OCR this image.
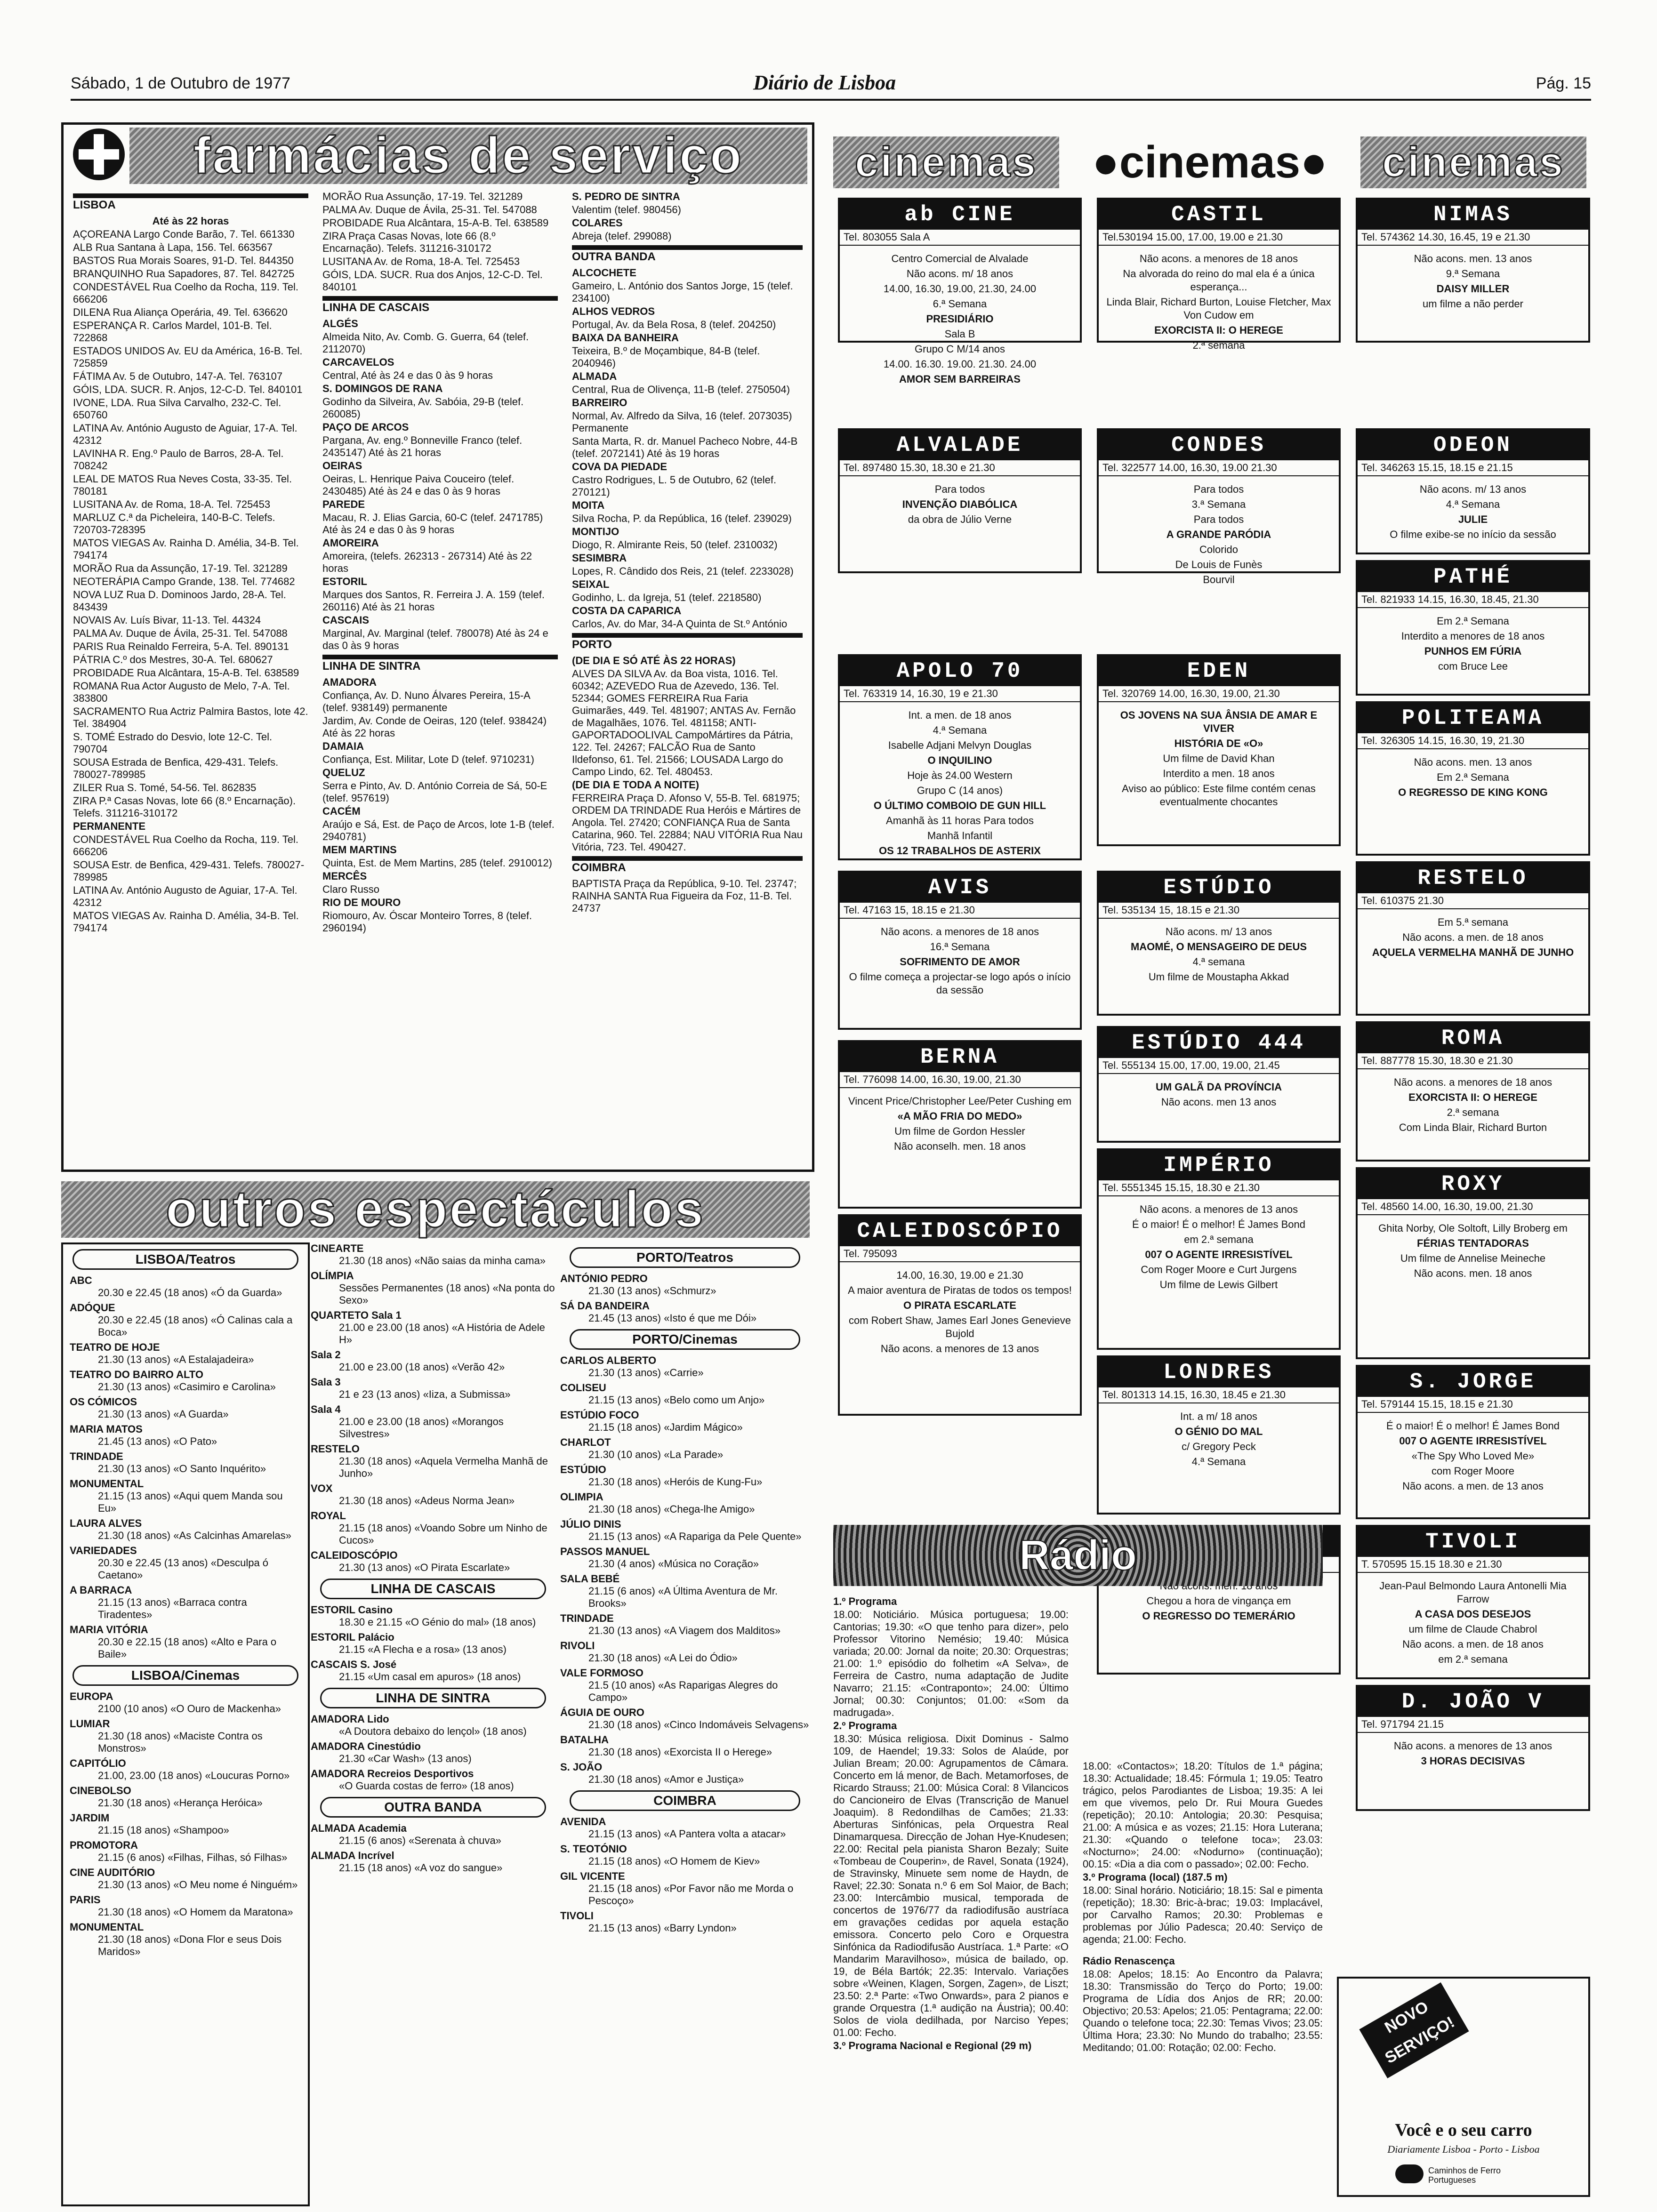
Sábado, 1 de Outubro de 1977	Diário de Lisboa	Pág. 15
farmácias de serviço
LISBOA

Até às 22 horas

AÇOREANA Largo Conde Barão, 7. Tel. 661330

ALB Rua Santana à Lapa, 156. Tel. 663567

BASTOS Rua Morais Soares, 91-D. Tel. 844350

BRANQUINHO Rua Sapadores, 87. Tel. 842725

CONDESTÁVEL Rua Coelho da Rocha, 119. Tel. 666206

DILENA Rua Aliança Operária, 49. Tel. 636620

ESPERANÇA R. Carlos Mardel, 101-B. Tel. 722868

ESTADOS UNIDOS Av. EU da América, 16-B. Tel. 725859

FÁTIMA Av. 5 de Outubro, 147-A. Tel. 763107

GÓIS, LDA. SUCR. R. Anjos, 12-C-D. Tel. 840101

IVONE, LDA. Rua Silva Carvalho, 232-C. Tel. 650760

LATINA Av. António Augusto de Aguiar, 17-A. Tel. 42312

LAVINHA R. Eng.º Paulo de Barros, 28-A. Tel. 708242

LEAL DE MATOS Rua Neves Costa, 33-35. Tel. 780181

LUSITANA Av. de Roma, 18-A. Tel. 725453

MARLUZ C.ª da Picheleira, 140-B-C. Telefs. 720703-728395

MATOS VIEGAS Av. Rainha D. Amélia, 34-B. Tel. 794174

MORÃO Rua da Assunção, 17-19. Tel. 321289

NEOTERÁPIA Campo Grande, 138. Tel. 774682

NOVA LUZ Rua D. Dominoos Jardo, 28-A. Tel. 843439

NOVAIS Av. Luís Bivar, 11-13. Tel. 44324

PALMA Av. Duque de Ávila, 25-31. Tel. 547088

PARIS Rua Reinaldo Ferreira, 5-A. Tel. 890131

PÁTRIA C.º dos Mestres, 30-A. Tel. 680627

PROBIDADE Rua Alcântara, 15-A-B. Tel. 638589

ROMANA Rua Actor Augusto de Melo, 7-A. Tel. 383800

SACRAMENTO Rua Actriz Palmira Bastos, lote 42. Tel. 384904

S. TOMÉ Estrado do Desvio, lote 12-C. Tel. 790704

SOUSA Estrada de Benfica, 429-431. Telefs. 780027-789985

ZILER Rua S. Tomé, 54-56. Tel. 862835

ZIRA P.ª Casas Novas, lote 66 (8.º Encarnação). Telefs. 311216-310172

PERMANENTE

CONDESTÁVEL Rua Coelho da Rocha, 119. Tel. 666206

SOUSA Estr. de Benfica, 429-431. Telefs. 780027-789985

LATINA Av. António Augusto de Aguiar, 17-A. Tel. 42312

MATOS VIEGAS Av. Rainha D. Amélia, 34-B. Tel. 794174

MORÃO Rua Assunção, 17-19. Tel. 321289

PALMA Av. Duque de Ávila, 25-31. Tel. 547088

PROBIDADE Rua Alcântara, 15-A-B. Tel. 638589

ZIRA Praça Casas Novas, lote 66 (8.º Encarnação). Telefs. 311216-310172

LUSITANA Av. de Roma, 18-A. Tel. 725453

GÓIS, LDA. SUCR. Rua dos Anjos, 12-C-D. Tel. 840101

LINHA DE CASCAIS

ALGÉS

Almeida Nito, Av. Comb. G. Guerra, 64 (telef. 2112070)

CARCAVELOS

Central, Até às 24 e das 0 às 9 horas

S. DOMINGOS DE RANA

Godinho da Silveira, Av. Sabóia, 29-B (telef. 260085)

PAÇO DE ARCOS

Pargana, Av. eng.º Bonneville Franco (telef. 2435147) Até às 21 horas

OEIRAS

Oeiras, L. Henrique Paiva Couceiro (telef. 2430485) Até às 24 e das 0 às 9 horas

PAREDE

Macau, R. J. Elias Garcia, 60-C (telef. 2471785) Até às 24 e das 0 às 9 horas

AMOREIRA

Amoreira, (telefs. 262313 - 267314) Até às 22 horas

ESTORIL

Marques dos Santos, R. Ferreira J. A. 159 (telef. 260116) Até às 21 horas

CASCAIS

Marginal, Av. Marginal (telef. 780078) Até às 24 e das 0 às 9 horas

LINHA DE SINTRA

AMADORA

Confiança, Av. D. Nuno Álvares Pereira, 15-A (telef. 938149) permanente

Jardim, Av. Conde de Oeiras, 120 (telef. 938424) Até às 22 horas

DAMAIA

Confiança, Est. Militar, Lote D (telef. 9710231)

QUELUZ

Serra e Pinto, Av. D. António Correia de Sá, 50-E (telef. 957619)

CACÉM

Araújo e Sá, Est. de Paço de Arcos, lote 1-B (telef. 2940781)

MEM MARTINS

Quinta, Est. de Mem Martins, 285 (telef. 2910012)

MERCÊS

Claro Russo

RIO DE MOURO

Riomouro, Av. Óscar Monteiro Torres, 8 (telef. 2960194)

S. PEDRO DE SINTRA

Valentim (telef. 980456)

COLARES

Abreja (telef. 299088)

OUTRA BANDA

ALCOCHETE

Gameiro, L. António dos Santos Jorge, 15 (telef. 234100)

ALHOS VEDROS

Portugal, Av. da Bela Rosa, 8 (telef. 204250)

BAIXA DA BANHEIRA

Teixeira, B.º de Moçambique, 84-B (telef. 2040946)

ALMADA

Central, Rua de Olivença, 11-B (telef. 2750504)

BARREIRO

Normal, Av. Alfredo da Silva, 16 (telef. 2073035) Permanente

Santa Marta, R. dr. Manuel Pacheco Nobre, 44-B (telef. 2072141) Até às 19 horas

COVA DA PIEDADE

Castro Rodrigues, L. 5 de Outubro, 62 (telef. 270121)

MOITA

Silva Rocha, P. da República, 16 (telef. 239029)

MONTIJO

Diogo, R. Almirante Reis, 50 (telef. 2310032)

SESIMBRA

Lopes, R. Cândido dos Reis, 21 (telef. 2233028)

SEIXAL

Godinho, L. da Igreja, 51 (telef. 2218580)

COSTA DA CAPARICA

Carlos, Av. do Mar, 34-A Quinta de St.º António

PORTO

(DE DIA E SÓ ATÉ ÀS 22 HORAS)

ALVES DA SILVA Av. da Boa vista, 1016. Tel. 60342; AZEVEDO Rua de Azevedo, 136. Tel. 52344; GOMES FERREIRA Rua Faria Guimarães, 449. Tel. 481907; ANTAS Av. Fernão de Magalhães, 1076. Tel. 481158; ANTI-GAPORTADOOLIVAL CampoMártires da Pátria, 122. Tel. 24267; FALCÃO Rua de Santo Ildefonso, 61. Tel. 21566; LOUSADA Largo do Campo Lindo, 62. Tel. 480453.

(DE DIA E TODA A NOITE)

FERREIRA Praça D. Afonso V, 55-B. Tel. 681975; ORDEM DA TRINDADE Rua Heróis e Mártires de Angola. Tel. 27420; CONFIANÇA Rua de Santa Catarina, 960. Tel. 22884; NAU VITÓRIA Rua Nau Vitória, 723. Tel. 490427.

COIMBRA

BAPTISTA Praça da República, 9-10. Tel. 23747; RAINHA SANTA Rua Figueira da Foz, 11-B. Tel. 24737

outros espectáculos
LISBOA/Teatros
ABC
20.30 e 22.45 (18 anos) «Ó da Guarda»
ADÓQUE
20.30 e 22.45 (18 anos) «Ó Calinas cala a Boca»
TEATRO DE HOJE
21.30 (13 anos) «A Estalajadeira»
TEATRO DO BAIRRO ALTO
21.30 (13 anos) «Casimiro e Carolina»
OS CÓMICOS
21.30 (13 anos) «A Guarda»
MARIA MATOS
21.45 (13 anos) «O Pato»
TRINDADE
21.30 (13 anos) «O Santo Inquérito»
MONUMENTAL
21.15 (13 anos) «Aqui quem Manda sou Eu»
LAURA ALVES
21.30 (18 anos) «As Calcinhas Amarelas»
VARIEDADES
20.30 e 22.45 (13 anos) «Desculpa ó Caetano»
A BARRACA
21.15 (13 anos) «Barraca contra Tiradentes»
MARIA VITÓRIA
20.30 e 22.15 (18 anos) «Alto e Para o Baile»
LISBOA/Cinemas
EUROPA
2100 (10 anos) «O Ouro de Mackenha»
LUMIAR
21.30 (18 anos) «Maciste Contra os Monstros»
CAPITÓLIO
21.00, 23.00 (18 anos) «Loucuras Porno»
CINEBOLSO
21.30 (18 anos) «Herança Heróica»
JARDIM
21.15 (18 anos) «Shampoo»
PROMOTORA
21.15 (6 anos) «Filhas, Filhas, só Filhas»
CINE AUDITÓRIO
21.30 (13 anos) «O Meu nome é Ninguém»
PARIS
21.30 (18 anos) «O Homem da Maratona»
MONUMENTAL
21.30 (18 anos) «Dona Flor e seus Dois Maridos»
CINEARTE
21.30 (18 anos) «Não saias da minha cama»
OLÍMPIA
Sessões Permanentes (18 anos) «Na ponta do Sexo»
QUARTETO Sala 1
21.00 e 23.00 (18 anos) «A História de Adele H»
Sala 2
21.00 e 23.00 (18 anos) «Verão 42»
Sala 3
21 e 23 (13 anos) «Iiza, a Submissa»
Sala 4
21.00 e 23.00 (18 anos) «Morangos Silvestres»
RESTELO
21.30 (18 anos) «Aquela Vermelha Manhã de Junho»
VOX
21.30 (18 anos) «Adeus Norma Jean»
ROYAL
21.15 (18 anos) «Voando Sobre um Ninho de Cucos»
CALEIDOSCÓPIO
21.30 (13 anos) «O Pirata Escarlate»
LINHA DE CASCAIS
ESTORIL Casino
18.30 e 21.15 «O Génio do mal» (18 anos)
ESTORIL Palácio
21.15 «A Flecha e a rosa» (13 anos)
CASCAIS S. José
21.15 «Um casal em apuros» (18 anos)
LINHA DE SINTRA
AMADORA Lido
«A Doutora debaixo do lençol» (18 anos)
AMADORA Cinestúdio
21.30 «Car Wash» (13 anos)
AMADORA Recreios Desportivos
«O Guarda costas de ferro» (18 anos)
OUTRA BANDA
ALMADA Academia
21.15 (6 anos) «Serenata à chuva»
ALMADA Incrível
21.15 (18 anos) «A voz do sangue»
PORTO/Teatros
ANTÓNIO PEDRO
21.30 (13 anos) «Schmurz»
SÁ DA BANDEIRA
21.45 (13 anos) «Isto é que me Dói»
PORTO/Cinemas
CARLOS ALBERTO
21.30 (13 anos) «Carrie»
COLISEU
21.15 (13 anos) «Belo como um Anjo»
ESTÚDIO FOCO
21.15 (18 anos) «Jardim Mágico»
CHARLOT
21.30 (10 anos) «La Parade»
ESTÚDIO
21.30 (18 anos) «Heróis de Kung-Fu»
OLIMPIA
21.30 (18 anos) «Chega-lhe Amigo»
JÚLIO DINIS
21.15 (13 anos) «A Rapariga da Pele Quente»
PASSOS MANUEL
21.30 (4 anos) «Música no Coração»
SALA BEBÉ
21.15 (6 anos) «A Última Aventura de Mr. Brooks»
TRINDADE
21.30 (13 anos) «A Viagem dos Malditos»
RIVOLI
21.30 (18 anos) «A Lei do Ódio»
VALE FORMOSO
21.5 (10 anos) «As Raparigas Alegres do Campo»
ÁGUIA DE OURO
21.30 (18 anos) «Cinco Indomáveis Selvagens»
BATALHA
21.30 (18 anos) «Exorcista II o Herege»
S. JOÃO
21.30 (18 anos) «Amor e Justiça»
COIMBRA
AVENIDA
21.15 (13 anos) «A Pantera volta a atacar»
S. TEOTÓNIO
21.15 (18 anos) «O Homem de Kiev»
GIL VICENTE
21.15 (18 anos) «Por Favor não me Morda o Pescoço»
TIVOLI
21.15 (13 anos) «Barry Lyndon»
cinemas	●cinemas●	cinemas
ab CINE
Tel. 803055 Sala A

Centro Comercial de Alvalade

Não acons. m/ 18 anos

14.00, 16.30, 19.00, 21.30, 24.00

6.ª Semana

PRESIDIÁRIO

Sala B

Grupo C M/14 anos

14.00. 16.30. 19.00. 21.30. 24.00

AMOR SEM BARREIRAS

CASTIL
Tel.530194 15.00, 17.00, 19.00 e 21.30

Não acons. a menores de 18 anos

Na alvorada do reino do mal ela é a única esperança...

Linda Blair, Richard Burton, Louise Fletcher, Max Von Cudow em

EXORCISTA II: O HEREGE

2.ª semana

NIMAS
Tel. 574362 14.30, 16.45, 19 e 21.30

Não acons. men. 13 anos

9.ª Semana

DAISY MILLER

um filme a não perder

ALVALADE
Tel. 897480 15.30, 18.30 e 21.30

Para todos

INVENÇÃO DIABÓLICA

da obra de Júlio Verne

CONDES
Tel. 322577 14.00, 16.30, 19.00 21.30

Para todos

3.ª Semana

Para todos

A GRANDE PARÓDIA

Colorido

De Louis de Funès

Bourvil

ODEON
Tel. 346263 15.15, 18.15 e 21.15

Não acons. m/ 13 anos

4.ª Semana

JULIE

O filme exibe-se no início da sessão

PATHÉ
Tel. 821933 14.15, 16.30, 18.45, 21.30

Em 2.ª Semana

Interdito a menores de 18 anos

PUNHOS EM FÚRIA

com Bruce Lee

APOLO 70
Tel. 763319 14, 16.30, 19 e 21.30

Int. a men. de 18 anos

4.ª Semana

Isabelle Adjani Melvyn Douglas

O INQUILINO

Hoje às 24.00 Western

Grupo C (14 anos)

O ÚLTIMO COMBOIO DE GUN HILL

Amanhã às 11 horas Para todos

Manhã Infantil

OS 12 TRABALHOS DE ASTERIX

EDEN
Tel. 320769 14.00, 16.30, 19.00, 21.30

OS JOVENS NA SUA ÂNSIA DE AMAR E VIVER

HISTÓRIA DE «O»

Um filme de David Khan

Interdito a men. 18 anos

Aviso ao público: Este filme contém cenas eventualmente chocantes

POLITEAMA
Tel. 326305 14.15, 16.30, 19, 21.30

Não acons. men. 13 anos

Em 2.ª Semana

O REGRESSO DE KING KONG

AVIS
Tel. 47163 15, 18.15 e 21.30

Não acons. a menores de 18 anos

16.ª Semana

SOFRIMENTO DE AMOR

O filme começa a projectar-se logo após o início da sessão

ESTÚDIO
Tel. 535134 15, 18.15 e 21.30

Não acons. m/ 13 anos

MAOMÉ, O MENSAGEIRO DE DEUS

4.ª semana

Um filme de Moustapha Akkad

RESTELO
Tel. 610375 21.30

Em 5.ª semana

Não acons. a men. de 18 anos

AQUELA VERMELHA MANHÃ DE JUNHO

BERNA
Tel. 776098 14.00, 16.30, 19.00, 21.30

Vincent Price/Christopher Lee/Peter Cushing em

«A MÃO FRIA DO MEDO»

Um filme de Gordon Hessler

Não aconselh. men. 18 anos

ESTÚDIO 444
Tel. 555134 15.00, 17.00, 19.00, 21.45

UM GALÃ DA PROVÍNCIA

Não acons. men 13 anos

ROMA
Tel. 887778 15.30, 18.30 e 21.30

Não acons. a menores de 18 anos

EXORCISTA II: O HEREGE

2.ª semana

Com Linda Blair, Richard Burton

IMPÉRIO
Tel. 5551345 15.15, 18.30 e 21.30

Não acons. a menores de 13 anos

É o maior! É o melhor! É James Bond

em 2.ª semana

007 O AGENTE IRRESISTÍVEL

Com Roger Moore e Curt Jurgens

Um filme de Lewis Gilbert

CALEIDOSCÓPIO
Tel. 795093

14.00, 16.30, 19.00 e 21.30

A maior aventura de Piratas de todos os tempos!

O PIRATA ESCARLATE

com Robert Shaw, James Earl Jones Genevieve Bujold

Não acons. a menores de 13 anos

ROXY
Tel. 48560 14.00, 16.30, 19.00, 21.30

Ghita Norby, Ole Soltoft, Lilly Broberg em

FÉRIAS TENTADORAS

Um filme de Annelise Meineche

Não acons. men. 18 anos

LONDRES
Tel. 801313 14.15, 16.30, 18.45 e 21.30

Int. a m/ 18 anos

O GÉNIO DO MAL

c/ Gregory Peck

4.ª Semana

S. JORGE
Tel. 579144 15.15, 18.15 e 21.30

É o maior! É o melhor! É James Bond

007 O AGENTE IRRESISTÍVEL

«The Spy Who Loved Me»

com Roger Moore

Não acons. a men. de 13 anos

Chegou a hora de vingança em

O REGRESSO DO TEMERÁRIO

TIVOLI
T. 570595 15.15 18.30 e 21.30

Jean-Paul Belmondo Laura Antonelli Mia Farrow

A CASA DOS DESEJOS

um filme de Claude Chabrol

Não acons. a men. de 18 anos

em 2.ª semana

D. JOÃO V
Tel. 971794 21.15

Não acons. a menores de 13 anos

3 HORAS DECISIVAS

Rádio

1.º Programa

18.00: Noticiário. Música portuguesa; 19.00: Cantorias; 19.30: «O que tenho para dizer», pelo Professor Vitorino Nemésio; 19.40: Música variada; 20.00: Jornal da noite; 20.30: Orquestras; 21.00: 1.º episódio do folhetim «A Selva», de Ferreira de Castro, numa adaptação de Judite Navarro; 21.15: «Contraponto»; 24.00: Último Jornal; 00.30: Conjuntos; 01.00: «Som da madrugada».

2.º Programa

18.30: Música religiosa. Dixit Dominus - Salmo 109, de Haendel; 19.33: Solos de Alaúde, por Julian Bream; 20.00: Agrupamentos de Câmara. Concerto em lá menor, de Bach. Metamorfoses, de Ricardo Strauss; 21.00: Música Coral: 8 Vilancicos do Cancioneiro de Elvas (Transcrição de Manuel Joaquim). 8 Redondilhas de Camões; 21.33: Aberturas Sinfónicas, pela Orquestra Real Dinamarquesa. Direcção de Johan Hye-Knudesen; 22.00: Recital pela pianista Sharon Bezaly; Suite «Tombeau de Couperin», de Ravel, Sonata (1924), de Stravinsky, Minuete sem nome de Haydn, de Ravel; 22.30: Sonata n.º 6 em Sol Maior, de Bach; 23.00: Intercâmbio musical, temporada de concertos de 1976/77 da radiodifusão austríaca em gravações cedidas por aquela estação emissora. Concerto pelo Coro e Orquestra Sinfónica da Radiodifusão Austríaca. 1.ª Parte: «O Mandarim Maravilhoso», música de bailado, op. 19, de Béla Bartók; 22.35: Intervalo. Variações sobre «Weinen, Klagen, Sorgen, Zagen», de Liszt; 23.50: 2.ª Parte: «Two Onwards», para 2 pianos e grande Orquestra (1.ª audição na Áustria); 00.40: Solos de viola dedilhada, por Narciso Yepes; 01.00: Fecho.

3.º Programa Nacional e Regional (29 m)

18.00: «Contactos»; 18.20: Títulos de 1.ª página; 18.30: Actualidade; 18.45: Fórmula 1; 19.05: Teatro trágico, pelos Parodiantes de Lisboa; 19.35: A lei em que vivemos, pelo Dr. Rui Moura Guedes (repetição); 20.10: Antologia; 20.30: Pesquisa; 21.00: A música e as vozes; 21.15: Hora Luterana; 21.30: «Quando o telefone toca»; 23.03: «Nocturno»; 24.00: «Nodurno» (continuação); 00.15: «Dia a dia com o passado»; 02.00: Fecho.

3.º Programa (local) (187.5 m)

18.00: Sinal horário. Noticiário; 18.15: Sal e pimenta (repetição); 18.30: Bric-à-brac; 19.03: Implacável, por Carvalho Ramos; 20.30: Problemas e problemas por Júlio Padesca; 20.40: Serviço de agenda; 21.00: Fecho.

Rádio Renascença

18.08: Apelos; 18.15: Ao Encontro da Palavra; 18.30: Transmissão do Terço do Porto; 19.00: Programa de Lídia dos Anjos de RR; 20.00: Objectivo; 20.53: Apelos; 21.05: Pentagrama; 22.00: Quando o telefone toca; 22.30: Temas Vivos; 23.05: Última Hora; 23.30: No Mundo do trabalho; 23.55: Meditando; 01.00: Rotação; 02.00: Fecho.

NOVO SERVIÇO!
Você e o seu carro
Diariamente Lisboa - Porto - Lisboa
Caminhos de Ferro Portugueses
